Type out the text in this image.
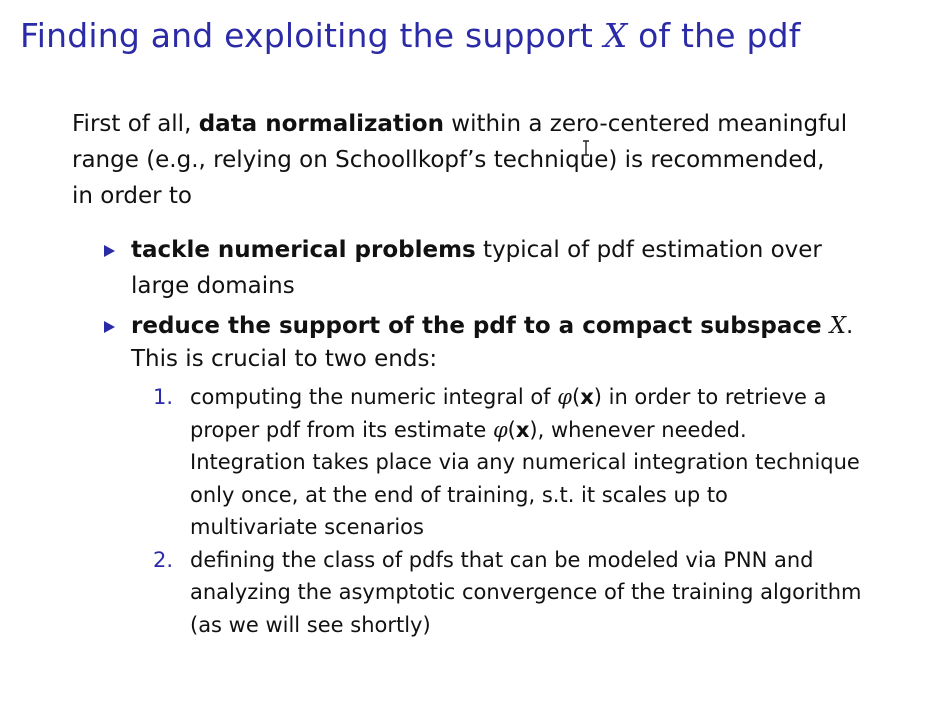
Finding and exploiting the support X of the pdf
First of all, data normalization within a zero-centered meaningful
range (e.g., relying on Schoollkopf’s technique) is recommended,
in order to
tackle numerical problems typical of pdf estimation over
large domains
reduce the support of the pdf to a compact subspace X.
This is crucial to two ends:
1. computing the numeric integral of φ(x) in order to retrieve a
proper pdf from its estimate φ(x), whenever needed.
Integration takes place via any numerical integration technique
only once, at the end of training, s.t. it scales up to
multivariate scenarios
2. defining the class of pdfs that can be modeled via PNN and
analyzing the asymptotic convergence of the training algorithm
(as we will see shortly)
